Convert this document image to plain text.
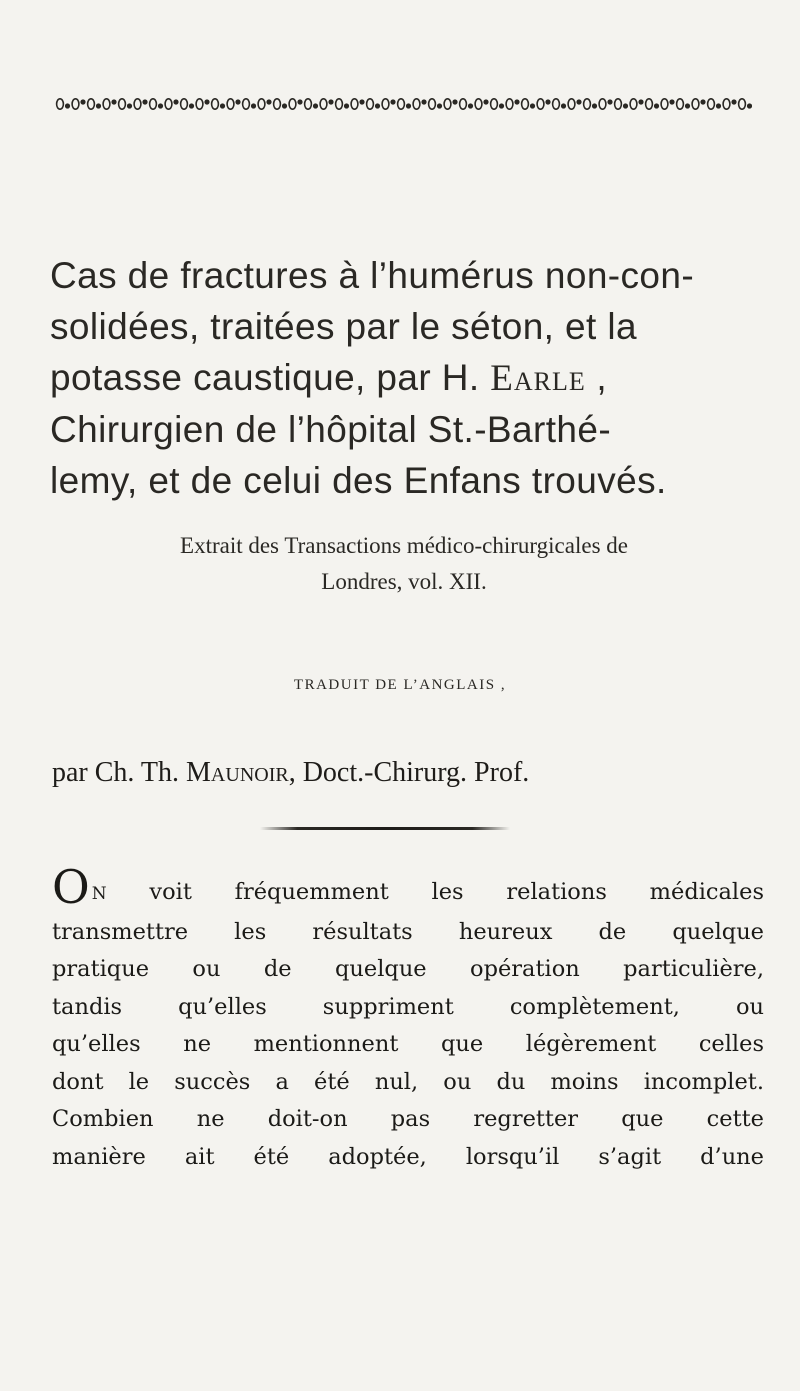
Cas de fractures à l’humérus non-con-
solidées, traitées par le séton, et la
potasse caustique, par H. Earle ,
Chirurgien de l’hôpital St.-Barthé-
lemy, et de celui des Enfans trouvés.
Extrait des Transactions médico-chirurgicales de
Londres, vol. XII.
TRADUIT DE L’ANGLAIS ,
par Ch. Th. Maunoir, Doct.-Chirurg. Prof.
O N voit fréquemment les relations médicales
transmettre les résultats heureux de quelque
pratique ou de quelque opération particulière,
tandis qu’elles suppriment complètement, ou
qu’elles ne mentionnent que légèrement celles
dont le succès a été nul, ou du moins incomplet.
Combien ne doit-on pas regretter que cette
manière ait été adoptée, lorsqu’il s’agit d’une
